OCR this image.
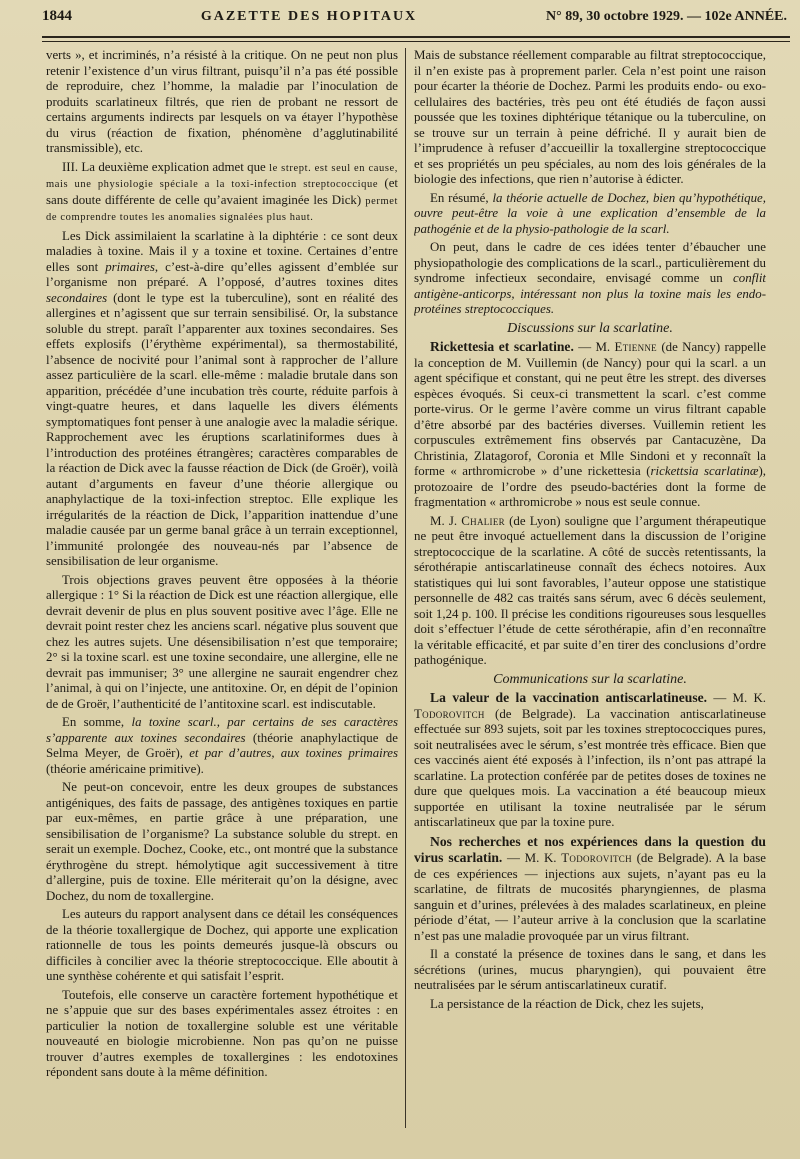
1844	GAZETTE DES HOPITAUX	N° 89, 30 octobre 1929. — 102e ANNÉE.

verts », et incriminés, n’a résisté à la critique. On ne peut non plus retenir l’existence d’un virus filtrant, puisqu’il n’a pas été possible de reproduire, chez l’homme, la maladie par l’inoculation de produits scarlatineux filtrés, que rien de probant ne ressort de certains arguments indirects par lesquels on va étayer l’hypothèse du virus (réaction de fixation, phénomène d’agglutinabilité transmissible), etc.

III. La deuxième explication admet que le strept. est seul en cause, mais une physiologie spéciale a la toxi-infection streptococcique (et sans doute différente de celle qu’avaient imaginée les Dick) permet de comprendre toutes les anomalies signalées plus haut.

Les Dick assimilaient la scarlatine à la diphtérie : ce sont deux maladies à toxine. Mais il y a toxine et toxine. Certaines d’entre elles sont primaires, c’est-à-dire qu’elles agissent d’emblée sur l’organisme non préparé. A l’opposé, d’autres toxines dites secondaires (dont le type est la tuberculine), sont en réalité des allergines et n’agissent que sur terrain sensibilisé. Or, la substance soluble du strept. paraît l’apparenter aux toxines secondaires. Ses effets explosifs (l’érythème expérimental), sa thermostabilité, l’absence de nocivité pour l’animal sont à rapprocher de l’allure assez particulière de la scarl. elle-même : maladie brutale dans son apparition, précédée d’une incubation très courte, réduite parfois à vingt-quatre heures, et dans laquelle les divers éléments symptomatiques font penser à une analogie avec la maladie sérique. Rapprochement avec les éruptions scarlatiniformes dues à l’introduction des protéines étrangères; caractères comparables de la réaction de Dick avec la fausse réaction de Dick (de Groër), voilà autant d’arguments en faveur d’une théorie allergique ou anaphylactique de la toxi-infection streptoc. Elle explique les irrégularités de la réaction de Dick, l’apparition inattendue d’une maladie causée par un germe banal grâce à un terrain exceptionnel, l’immunité prolongée des nouveau-nés par l’absence de sensibilisation de leur organisme.

Trois objections graves peuvent être opposées à la théorie allergique : 1° Si la réaction de Dick est une réaction allergique, elle devrait devenir de plus en plus souvent positive avec l’âge. Elle ne devrait point rester chez les anciens scarl. négative plus souvent que chez les autres sujets. Une désensibilisation n’est que temporaire; 2° si la toxine scarl. est une toxine secondaire, une allergine, elle ne devrait pas immuniser; 3° une allergine ne saurait engendrer chez l’animal, à qui on l’injecte, une antitoxine. Or, en dépit de l’opinion de de Groër, l’authenticité de l’antitoxine scarl. est indiscutable.

En somme, la toxine scarl., par certains de ses caractères s’apparente aux toxines secondaires (théorie anaphylactique de Selma Meyer, de Groër), et par d’autres, aux toxines primaires (théorie américaine primitive).

Ne peut-on concevoir, entre les deux groupes de substances antigéniques, des faits de passage, des antigènes toxiques en partie par eux-mêmes, en partie grâce à une préparation, une sensibilisation de l’organisme? La substance soluble du strept. en serait un exemple. Dochez, Cooke, etc., ont montré que la substance érythrogène du strept. hémolytique agit successivement à titre d’allergine, puis de toxine. Elle mériterait qu’on la désigne, avec Dochez, du nom de toxallergine.

Les auteurs du rapport analysent dans ce détail les conséquences de la théorie toxallergique de Dochez, qui apporte une explication rationnelle de tous les points demeurés jusque-là obscurs ou difficiles à concilier avec la théorie streptococcique. Elle aboutit à une synthèse cohérente et qui satisfait l’esprit.

Toutefois, elle conserve un caractère fortement hypothétique et ne s’appuie que sur des bases expérimentales assez étroites : en particulier la notion de toxallergine soluble est une véritable nouveauté en biologie microbienne. Non pas qu’on ne puisse trouver d’autres exemples de toxallergines : les endotoxines répondent sans doute à la même définition.

Mais de substance réellement comparable au filtrat streptococcique, il n’en existe pas à proprement parler. Cela n’est point une raison pour écarter la théorie de Dochez. Parmi les produits endo- ou exo-cellulaires des bactéries, très peu ont été étudiés de façon aussi poussée que les toxines diphtérique tétanique ou la tuberculine, on se trouve sur un terrain à peine défriché. Il y aurait bien de l’imprudence à refuser d’accueillir la toxallergine streptococcique et ses propriétés un peu spéciales, au nom des lois générales de la biologie des infections, que rien n’autorise à édicter.

En résumé, la théorie actuelle de Dochez, bien qu’hypothétique, ouvre peut-être la voie à une explication d’ensemble de la pathogénie et de la physio-pathologie de la scarl.

On peut, dans le cadre de ces idées tenter d’ébaucher une physiopathologie des complications de la scarl., particulièrement du syndrome infectieux secondaire, envisagé comme un conflit antigène-anticorps, intéressant non plus la toxine mais les endo-protéines streptococciques.

Discussions sur la scarlatine.

Rickettesia et scarlatine. — M. Etienne (de Nancy) rappelle la conception de M. Vuillemin (de Nancy) pour qui la scarl. a un agent spécifique et constant, qui ne peut être les strept. des diverses espèces évoqués. Si ceux-ci transmettent la scarl. c’est comme porte-virus. Or le germe l’avère comme un virus filtrant capable d’être absorbé par des bactéries diverses. Vuillemin retient les corpuscules extrêmement fins observés par Cantacuzène, Da Christinia, Zlatagorof, Coronia et Mlle Sindoni et y reconnaît la forme « arthromicrobe » d’une rickettesia (rickettsia scarlatinæ), protozoaire de l’ordre des pseudo-bactéries dont la forme de fragmentation « arthromicrobe » nous est seule connue.

M. J. Chalier (de Lyon) souligne que l’argument thérapeutique ne peut être invoqué actuellement dans la discussion de l’origine streptococcique de la scarlatine. A côté de succès retentissants, la sérothérapie antiscarlatineuse connaît des échecs notoires. Aux statistiques qui lui sont favorables, l’auteur oppose une statistique personnelle de 482 cas traités sans sérum, avec 6 décès seulement, soit 1,24 p. 100. Il précise les conditions rigoureuses sous lesquelles doit s’effectuer l’étude de cette sérothérapie, afin d’en reconnaître la véritable efficacité, et par suite d’en tirer des conclusions d’ordre pathogénique.

Communications sur la scarlatine.

La valeur de la vaccination antiscarlatineuse. — M. K. Todorovitch (de Belgrade). La vaccination antiscarlatineuse effectuée sur 893 sujets, soit par les toxines streptococciques pures, soit neutralisées avec le sérum, s’est montrée très efficace. Bien que ces vaccinés aient été exposés à l’infection, ils n’ont pas attrapé la scarlatine. La protection conférée par de petites doses de toxines ne dure que quelques mois. La vaccination a été beaucoup mieux supportée en utilisant la toxine neutralisée par le sérum antiscarlatineux que par la toxine pure.

Nos recherches et nos expériences dans la question du virus scarlatin. — M. K. Todorovitch (de Belgrade). A la base de ces expériences — injections aux sujets, n’ayant pas eu la scarlatine, de filtrats de mucosités pharyngiennes, de plasma sanguin et d’urines, prélevées à des malades scarlatineux, en pleine période d’état, — l’auteur arrive à la conclusion que la scarlatine n’est pas une maladie provoquée par un virus filtrant.

Il a constaté la présence de toxines dans le sang, et dans les sécrétions (urines, mucus pharyngien), qui pouvaient être neutralisées par le sérum antiscarlatineux curatif.

La persistance de la réaction de Dick, chez les sujets,
